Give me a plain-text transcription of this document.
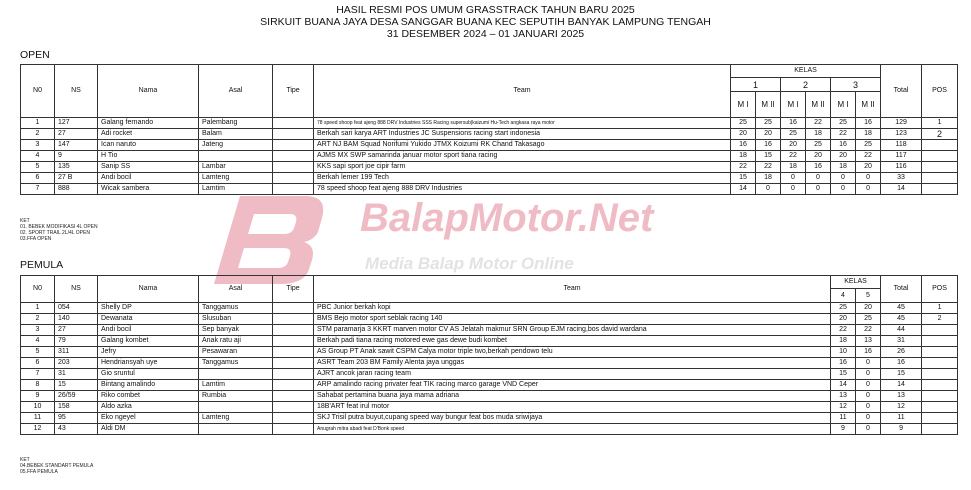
HASIL RESMI POS UMUM GRASSTRACK TAHUN BARU 2025
SIRKUIT BUANA JAYA DESA SANGGAR BUANA KEC SEPUTIH BANYAK LAMPUNG TENGAH
31 DESEMBER 2024 – 01 JANUARI 2025
BalapMotor.Net
Media Balap Motor Online
OPEN
N0	NS	Nama	Asal	Tipe	Team	KELAS						Total	POS
						1		2		3			
						M I	M II	M I	M II	M I	M II		
1	127	Galang fernando	Palembang		78 speed shoop feat ajeng 888 DRV Industries SSS Racing supersub|kaizumi Hu-Tech angkasa raya motor	25	25	16	22	25	16	129	1
2	27	Adi rocket	Balam		Berkah sari karya ART Industries JC Suspensions racing start indonesia	20	20	25	18	22	18	123	2
3	147	Ican naruto	Jateng		ART NJ BAM Squad Norifumi Yukido JTMX Koizumi RK Chand Takasago	16	16	20	25	16	25	118	
4	9	H Tio			AJMS MX SWP samarinda januar motor sport tiana racing	18	15	22	20	20	22	117	
5	135	Sanip SS	Lambar		KKS sapi sport joe cipir farm	22	22	18	16	18	20	116	
6	27 B	Andi bocil	Lamteng		Berkah lemer 199 Tech	15	18	0	0	0	0	33	
7	888	Wicak sambera	Lamtim		78 speed shoop feat ajeng 888 DRV Industries	14	0	0	0	0	0	14	
KET
01. BEBEK MODIFIKASI 4L OPEN
02. SPORT TRAIL 2L/4L OPEN
03.FFA OPEN
PEMULA
N0	NS	Nama	Asal	Tipe	Team	KELAS		Total	POS
						4	5		
1	054	Shelly DP	Tanggamus		PBC Junior berkah kopi	25	20	45	1
2	140	Dewanata	Slusuban		BMS Bejo motor sport seblak racing 140	20	25	45	2
3	27	Andi bocil	Sep banyak		STM paramarja 3 KKRT marven motor CV AS Jelatah makmur SRN Group EJM racing,bos david wardana	22	22	44	
4	79	Galang kombet	Anak ratu aji		Berkah padi tiana racing motored ewe gas dewe budi kombet	18	13	31	
5	311	Jefry	Pesawaran		AS Group PT Anak sawit CSPM Calya motor triple two,berkah pendowo telu	10	16	26	
6	203	Hendriansyah uye	Tanggamus		ASRT Team 203 BM Family Alenta jaya unggas	16	0	16	
7	31	Gio sruntul			AJRT ancok jaran racing team	15	0	15	
8	15	Bintang amalindo	Lamtim		ARP amalindo racing privater feat TIK racing marco garage VND Ceper	14	0	14	
9	26/59	Riko combet	Rumbia		Sahabat pertamina buana jaya mama adriana	13	0	13	
10	158	Aldo azka			18B'ART feat irul motor	12	0	12	
11	95	Eko ngeyel	Lamteng		SKJ Trisil putra buyut,cupang speed way bungur feat bos muda sriwijaya	11	0	11	
12	43	Aldi DM			Anugrah mitra abadi feat D'Bonk speed	9	0	9	
KET
04.BEBEK STANDART PEMULA
05.FFA PEMULA
